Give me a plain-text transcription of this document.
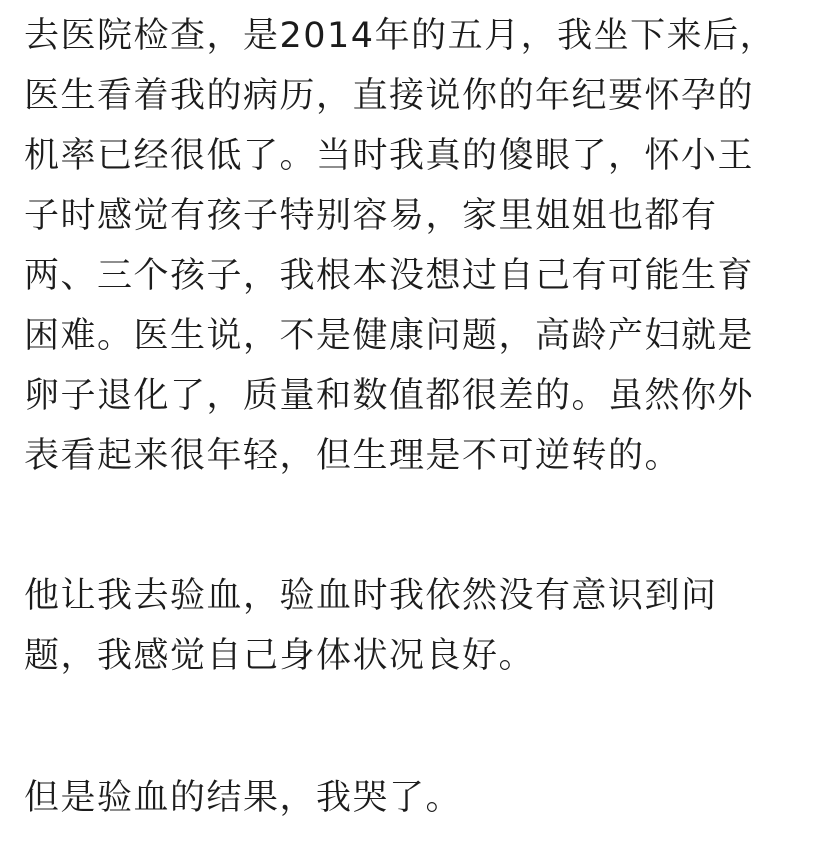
去医院检查，是2014年的五月，我坐下来后，
医生看着我的病历，直接说你的年纪要怀孕的
机率已经很低了。当时我真的傻眼了，怀小王
子时感觉有孩子特别容易，家里姐姐也都有
两、三个孩子，我根本没想过自己有可能生育
困难。医生说，不是健康问题，高龄产妇就是
卵子退化了，质量和数值都很差的。虽然你外
表看起来很年轻，但生理是不可逆转的。
他让我去验血，验血时我依然没有意识到问
题，我感觉自己身体状况良好。
但是验血的结果，我哭了。
